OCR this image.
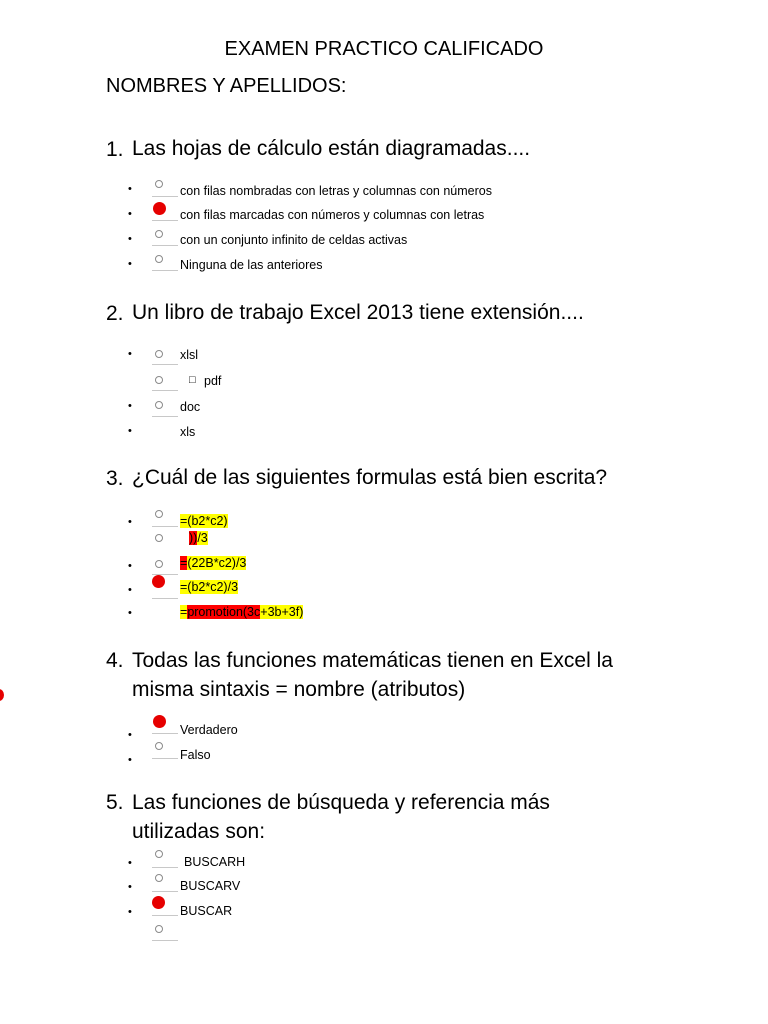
EXAMEN PRACTICO CALIFICADO
NOMBRES Y APELLIDOS:
1. Las hojas de cálculo están diagramadas....
•	con filas nombradas con letras y columnas con números
•	con filas marcadas con números y columnas con letras
•	con un conjunto infinito de celdas activas
•	Ninguna de las anteriores
2. Un libro de trabajo Excel 2013 tiene extensión....
•	xlsl
□ pdf
•	doc
•	xls
3. ¿Cuál de las siguientes formulas está bien escrita?
•	=(b2*c2)
))/3
•	=(22B*c2)/3
•	=(b2*c2)/3
•	=promotion(3c+3b+3f)
4. Todas las funciones matemáticas tienen en Excel la
misma sintaxis = nombre (atributos)
•	Verdadero
•	Falso
5. Las funciones de búsqueda y referencia más
utilizadas son:
•	BUSCARH
•	BUSCARV
•	BUSCAR
